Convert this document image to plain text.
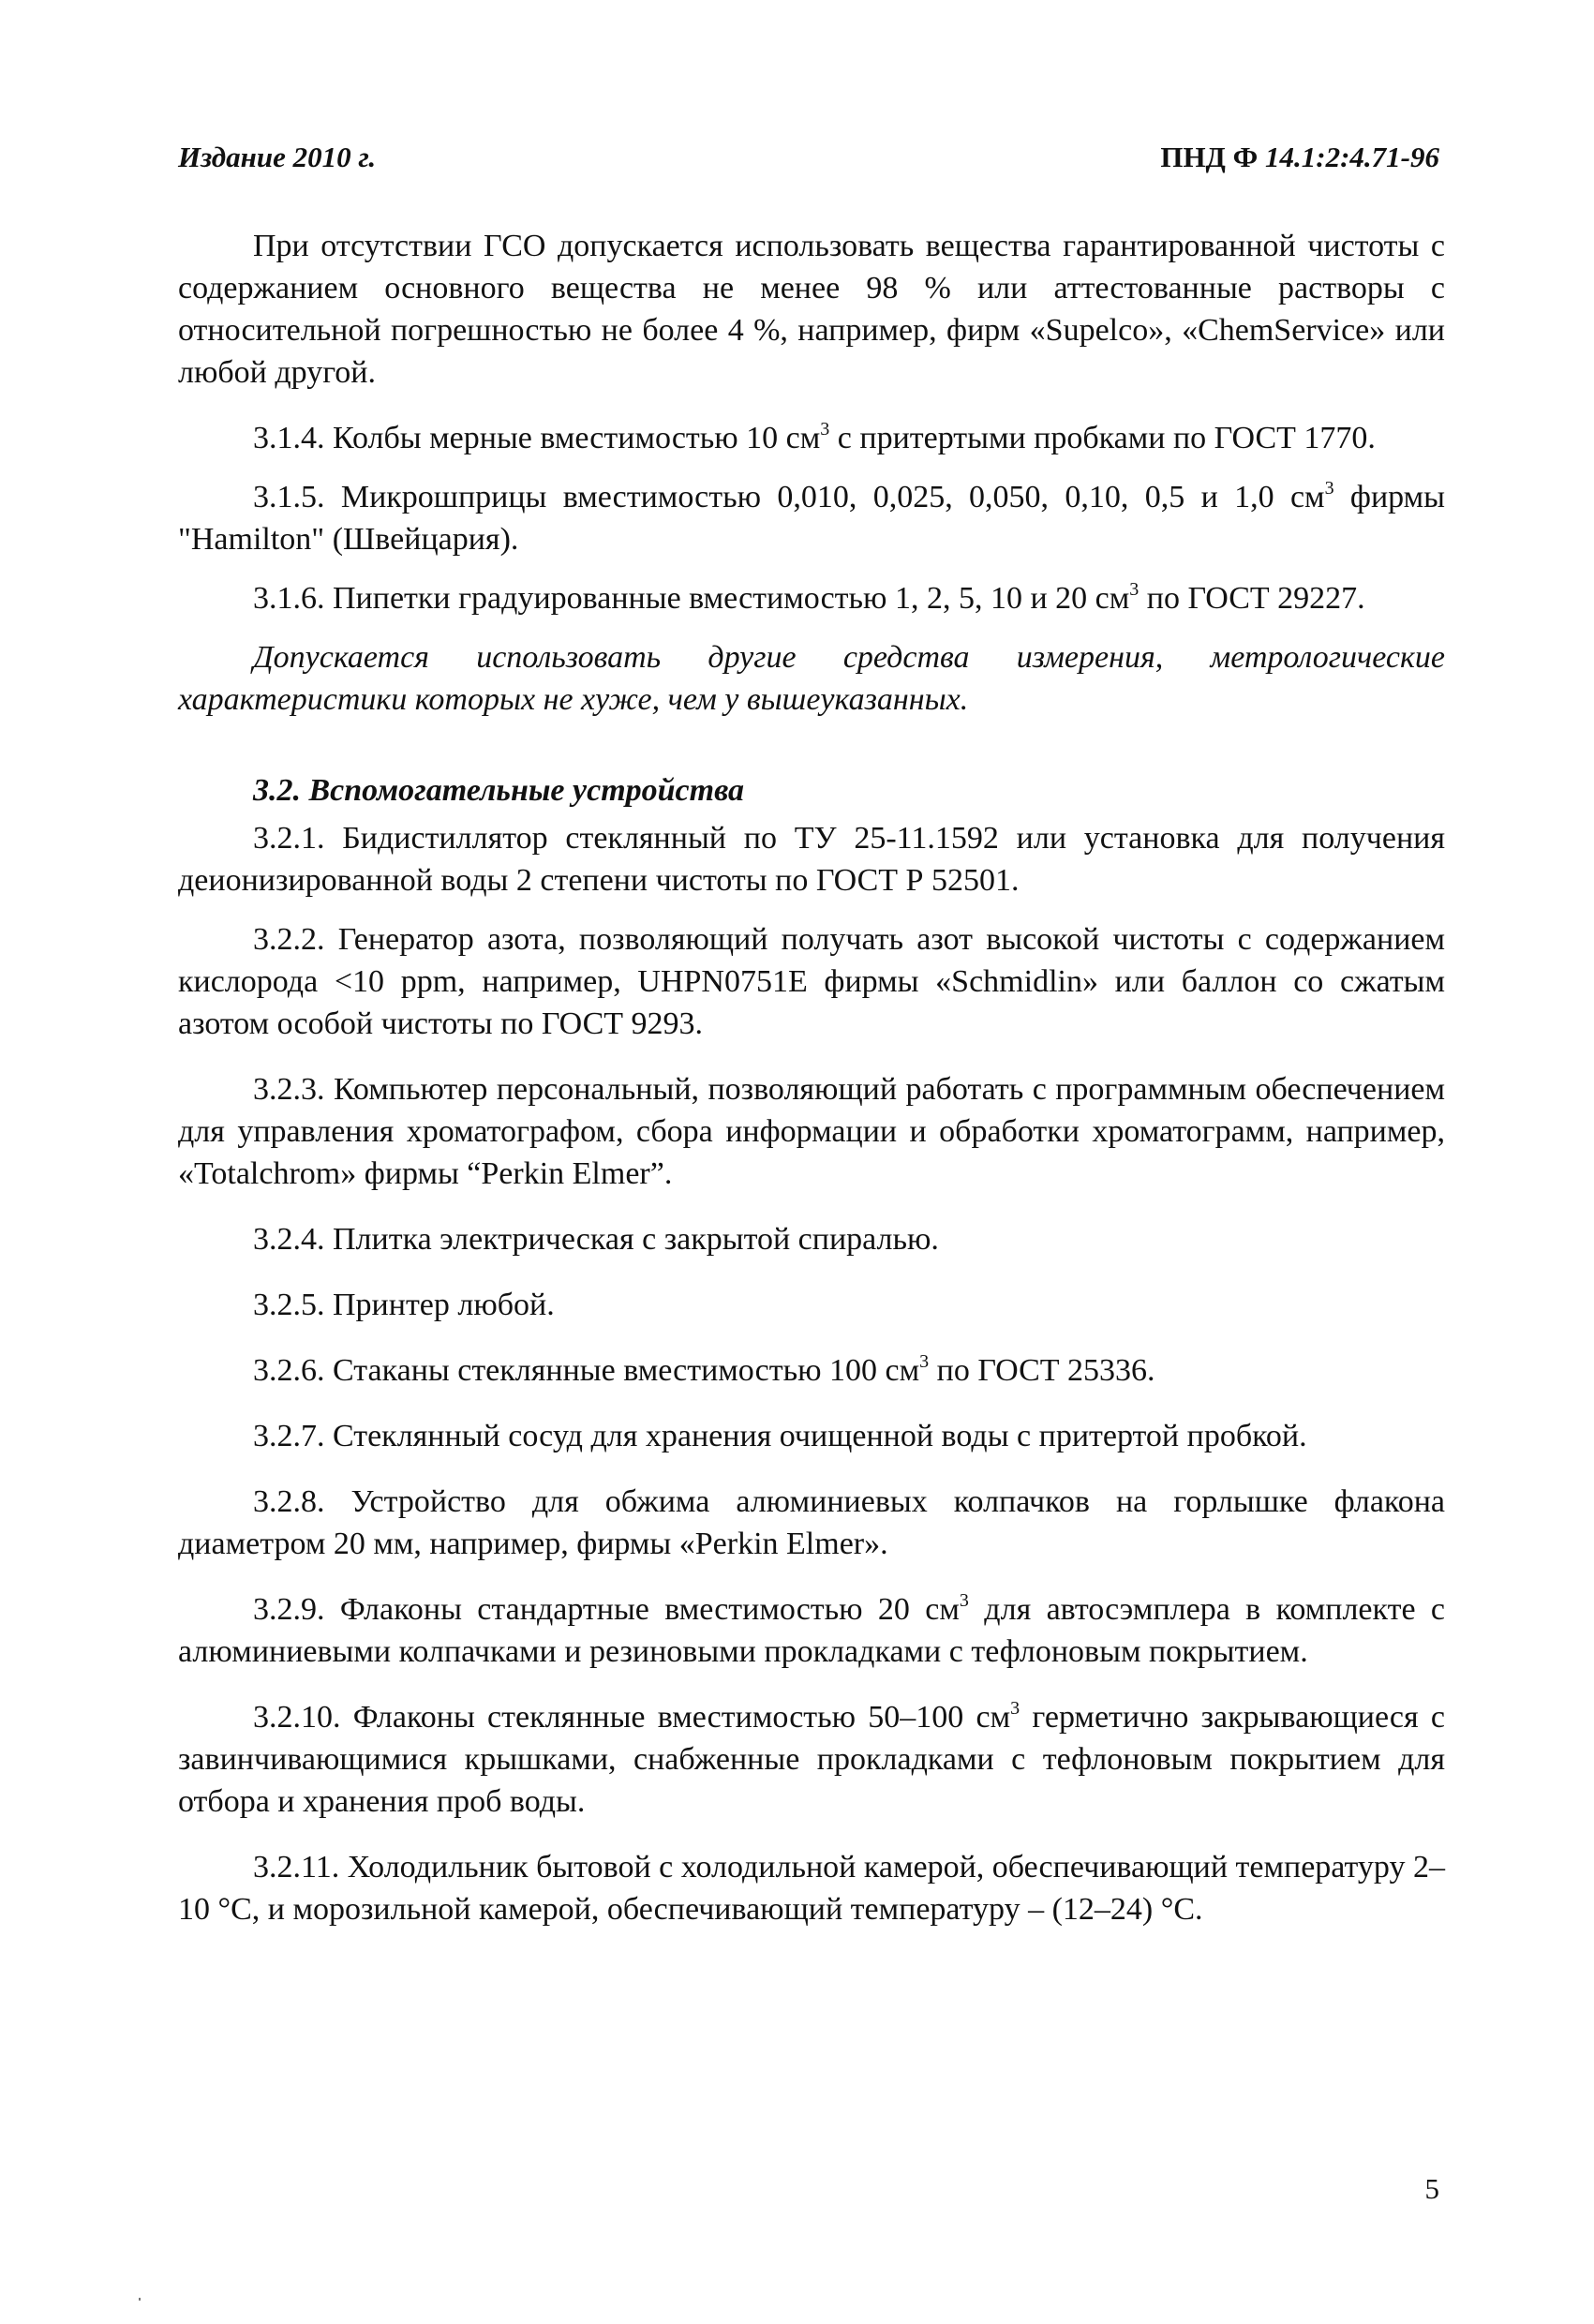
Издание 2010 г.	ПНД Ф 14.1:2:4.71-96

При отсутствии ГСО допускается использовать вещества гарантированной чистоты с содержанием основного вещества не менее 98 % или аттестованные растворы с относительной погрешностью не более 4 %, например, фирм «Supelco», «ChemService» или любой другой.

3.1.4. Колбы мерные вместимостью 10 $см^3$ с притертыми пробками по ГОСТ 1770.

3.1.5. Микрошприцы вместимостью 0,010, 0,025, 0,050, 0,10, 0,5 и 1,0 $см^3$ фирмы "Hamilton" (Швейцария).

3.1.6. Пипетки градуированные вместимостью 1, 2, 5, 10 и 20 $см^3$ по ГОСТ 29227.

Допускается использовать другие средства измерения, метрологические характеристики которых не хуже, чем у вышеуказанных.

3.2. Вспомогательные устройства

3.2.1. Бидистиллятор стеклянный по ТУ 25-11.1592 или установка для получения деионизированной воды 2 степени чистоты по ГОСТ Р 52501.

3.2.2. Генератор азота, позволяющий получать азот высокой чистоты с содержанием кислорода <10 ppm, например, UHPN0751E фирмы «Schmidlin» или баллон со сжатым азотом особой чистоты по ГОСТ 9293.

3.2.3. Компьютер персональный, позволяющий работать с программным обеспечением для управления хроматографом, сбора информации и обработки хроматограмм, например, «Totalchrom» фирмы “Perkin Elmer”.

3.2.4. Плитка электрическая с закрытой спиралью.

3.2.5. Принтер любой.

3.2.6. Стаканы стеклянные вместимостью 100 $см^3$ по ГОСТ 25336.

3.2.7. Стеклянный сосуд для хранения очищенной воды с притертой пробкой.

3.2.8. Устройство для обжима алюминиевых колпачков на горлышке флакона диаметром 20 мм, например, фирмы «Perkin Elmer».

3.2.9. Флаконы стандартные вместимостью 20 $см^3$ для автосэмплера в комплекте с алюминиевыми колпачками и резиновыми прокладками с тефлоновым покрытием.

3.2.10. Флаконы стеклянные вместимостью 50–100 $см^3$ герметично закрывающиеся с завинчивающимися крышками, снабженные прокладками с тефлоновым покрытием для отбора и хранения проб воды.

3.2.11. Холодильник бытовой с холодильной камерой, обеспечивающий температуру 2–10 °С, и морозильной камерой, обеспечивающий температуру – (12–24) °С.

5
